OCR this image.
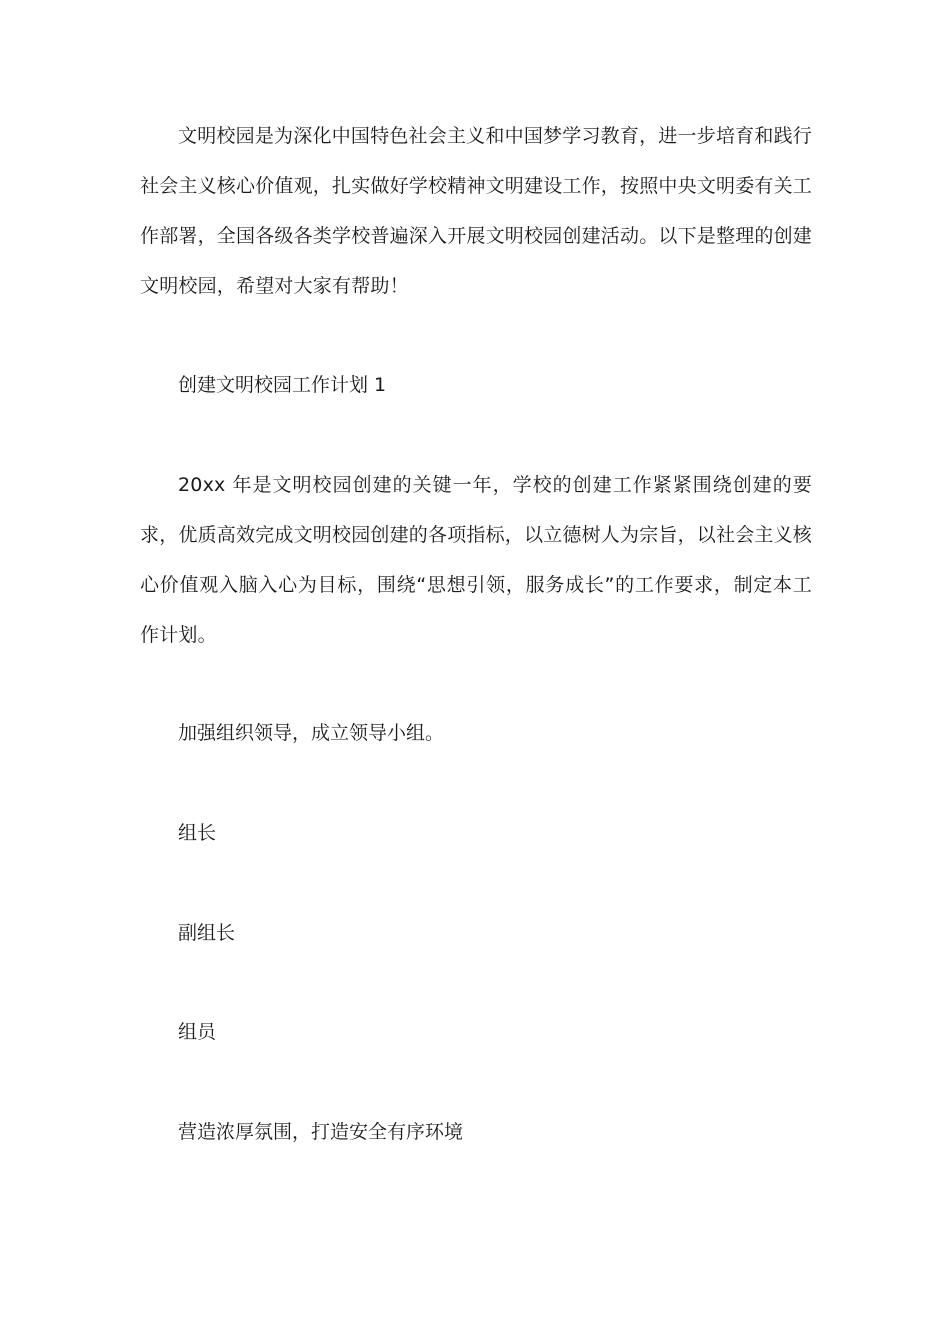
文明校园是为深化中国特色社会主义和中国梦学习教育，进一步培育和践行社会主义核心价值观，扎实做好学校精神文明建设工作，按照中央文明委有关工作部署，全国各级各类学校普遍深入开展文明校园创建活动。以下是整理的创建文明校园，希望对大家有帮助！

创建文明校园工作计划 1

20xx 年是文明校园创建的关键一年，学校的创建工作紧紧围绕创建的要求，优质高效完成文明校园创建的各项指标，以立德树人为宗旨，以社会主义核心价值观入脑入心为目标，围绕“思想引领，服务成长”的工作要求，制定本工作计划。

加强组织领导，成立领导小组。

组长

副组长

组员

营造浓厚氛围，打造安全有序环境
